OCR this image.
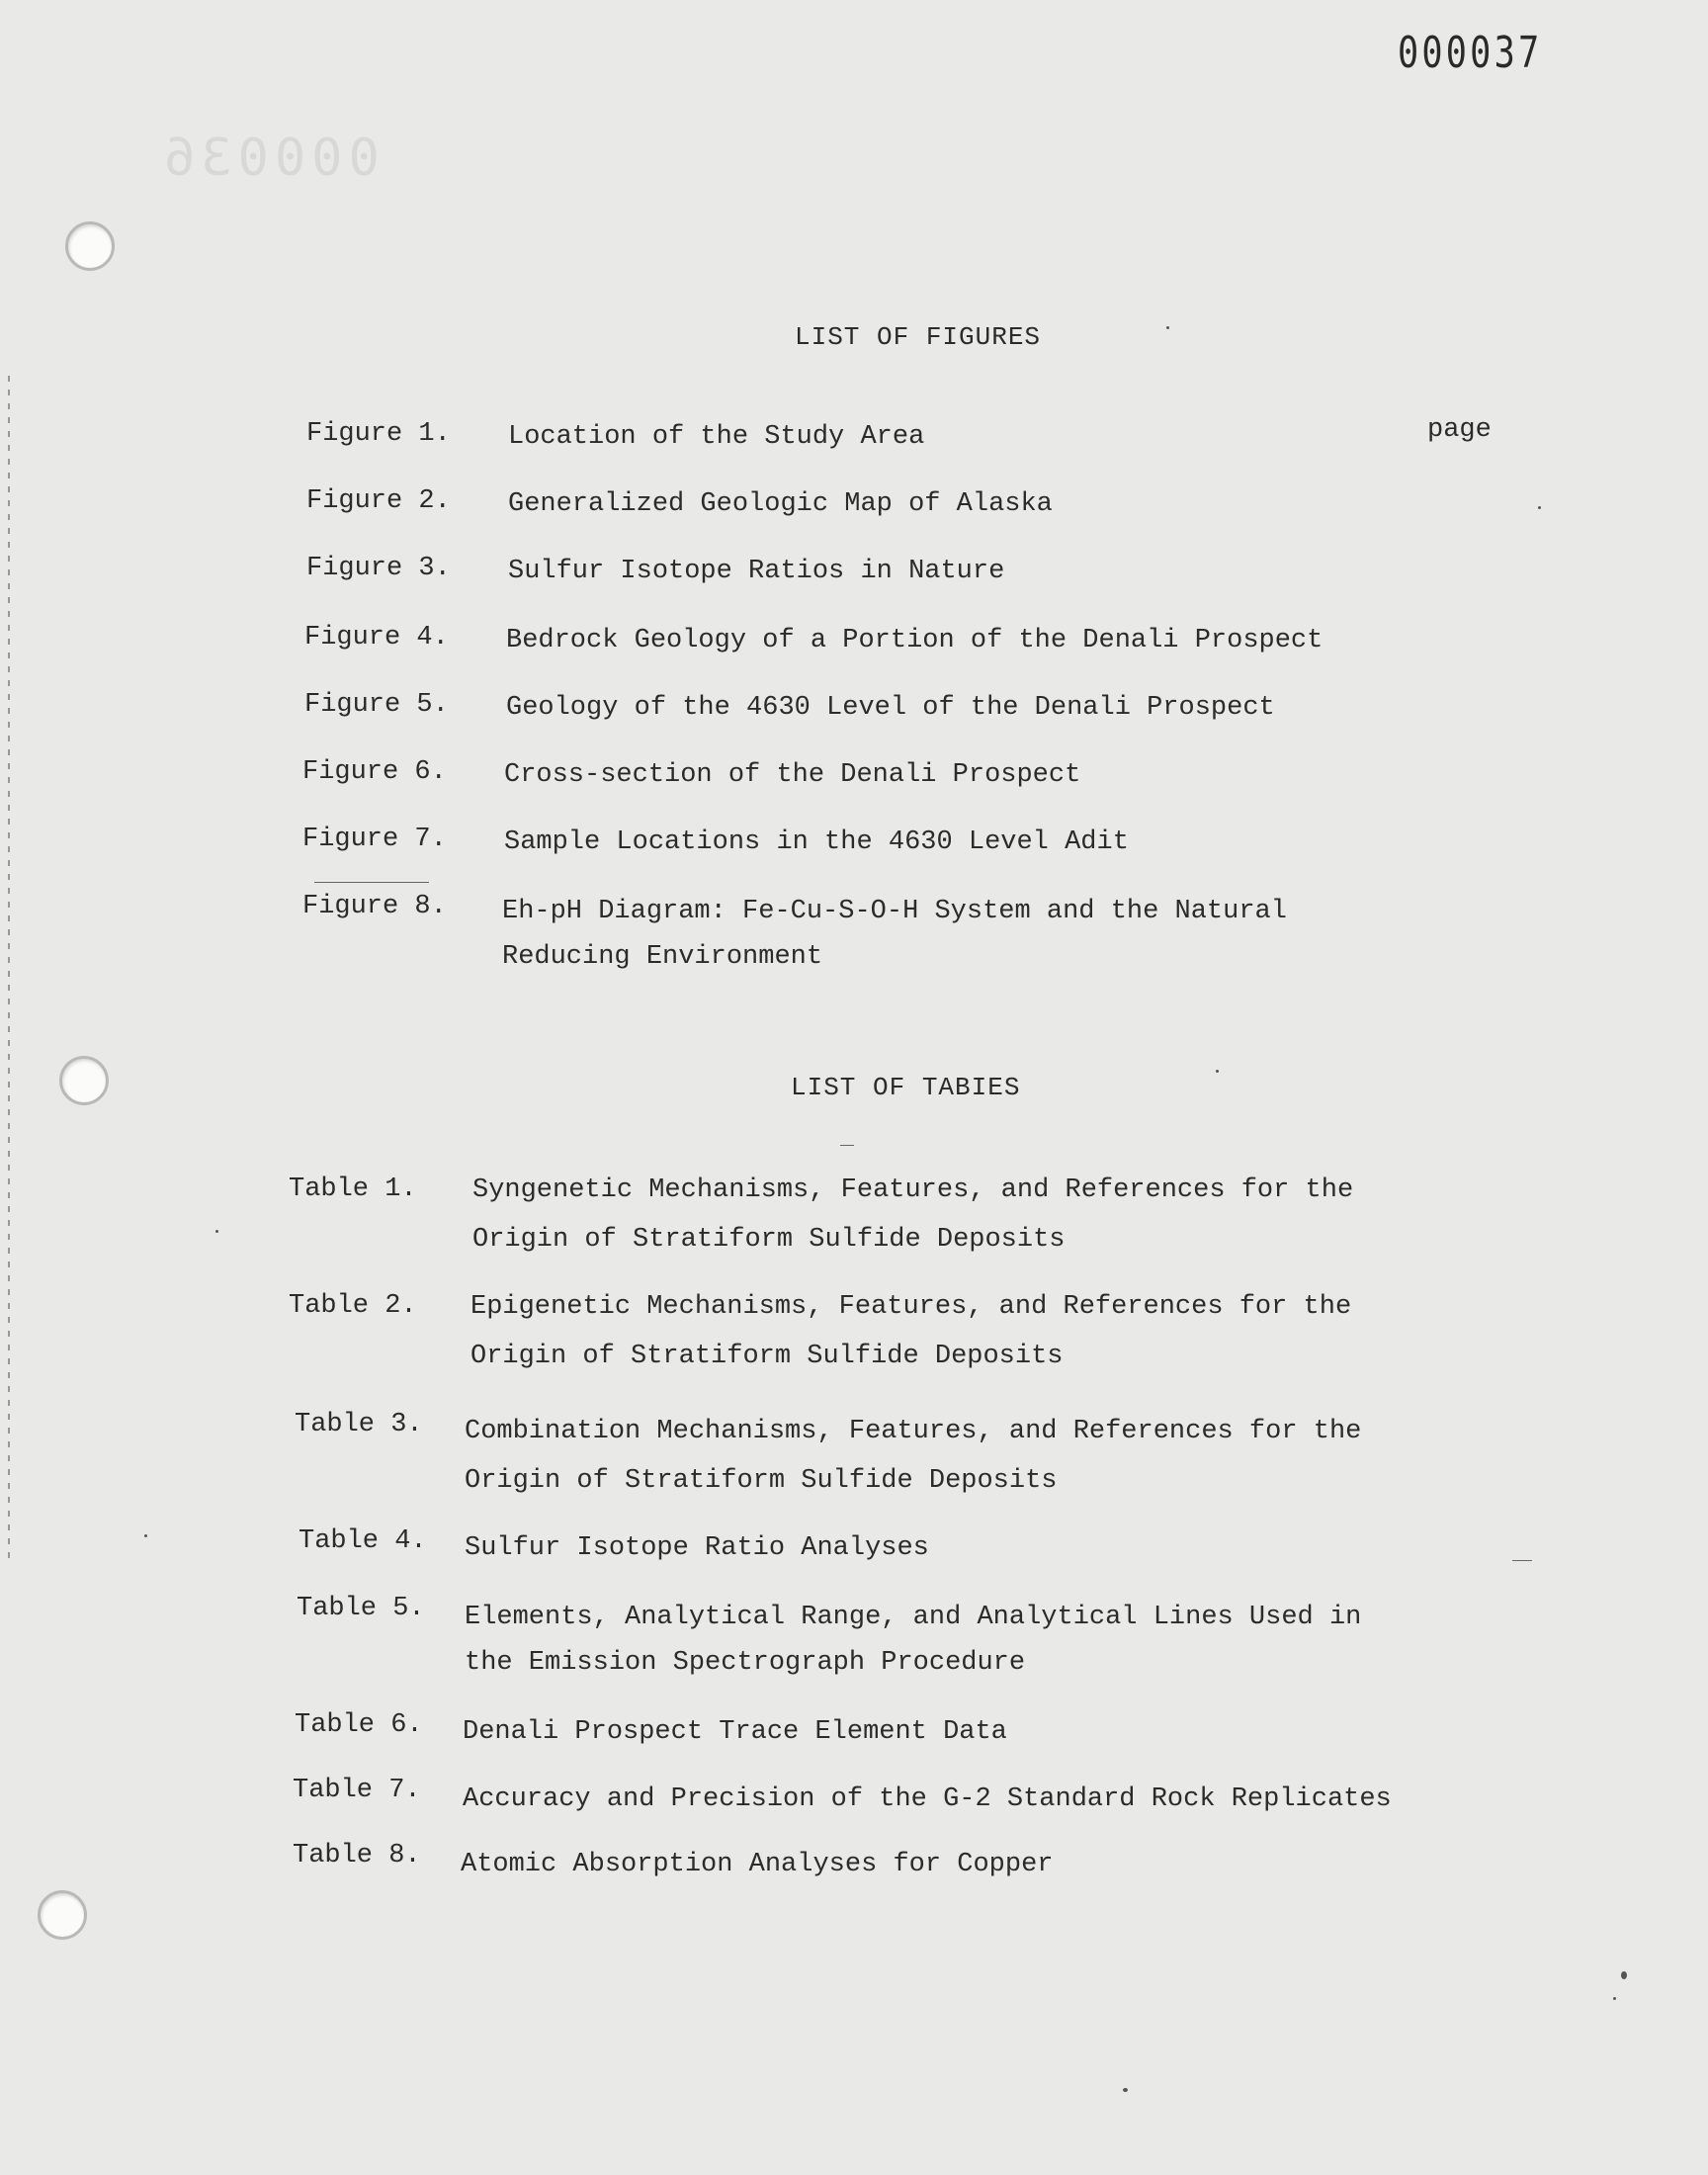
000036
000037
LIST OF FIGURES
page
Figure 1. Location of the Study Area
Figure 2. Generalized Geologic Map of Alaska
Figure 3. Sulfur Isotope Ratios in Nature
Figure 4. Bedrock Geology of a Portion of the Denali Prospect
Figure 5. Geology of the 4630 Level of the Denali Prospect
Figure 6. Cross-section of the Denali Prospect
Figure 7. Sample Locations in the 4630 Level Adit
Figure 8. Eh-pH Diagram: Fe-Cu-S-O-H System and the Natural
Reducing Environment
LIST OF TABIES
Table 1. Syngenetic Mechanisms, Features, and References for the
Origin of Stratiform Sulfide Deposits
Table 2. Epigenetic Mechanisms, Features, and References for the
Origin of Stratiform Sulfide Deposits
Table 3. Combination Mechanisms, Features, and References for the
Origin of Stratiform Sulfide Deposits
Table 4. Sulfur Isotope Ratio Analyses
Table 5. Elements, Analytical Range, and Analytical Lines Used in
the Emission Spectrograph Procedure
Table 6. Denali Prospect Trace Element Data
Table 7. Accuracy and Precision of the G-2 Standard Rock Replicates
Table 8. Atomic Absorption Analyses for Copper
